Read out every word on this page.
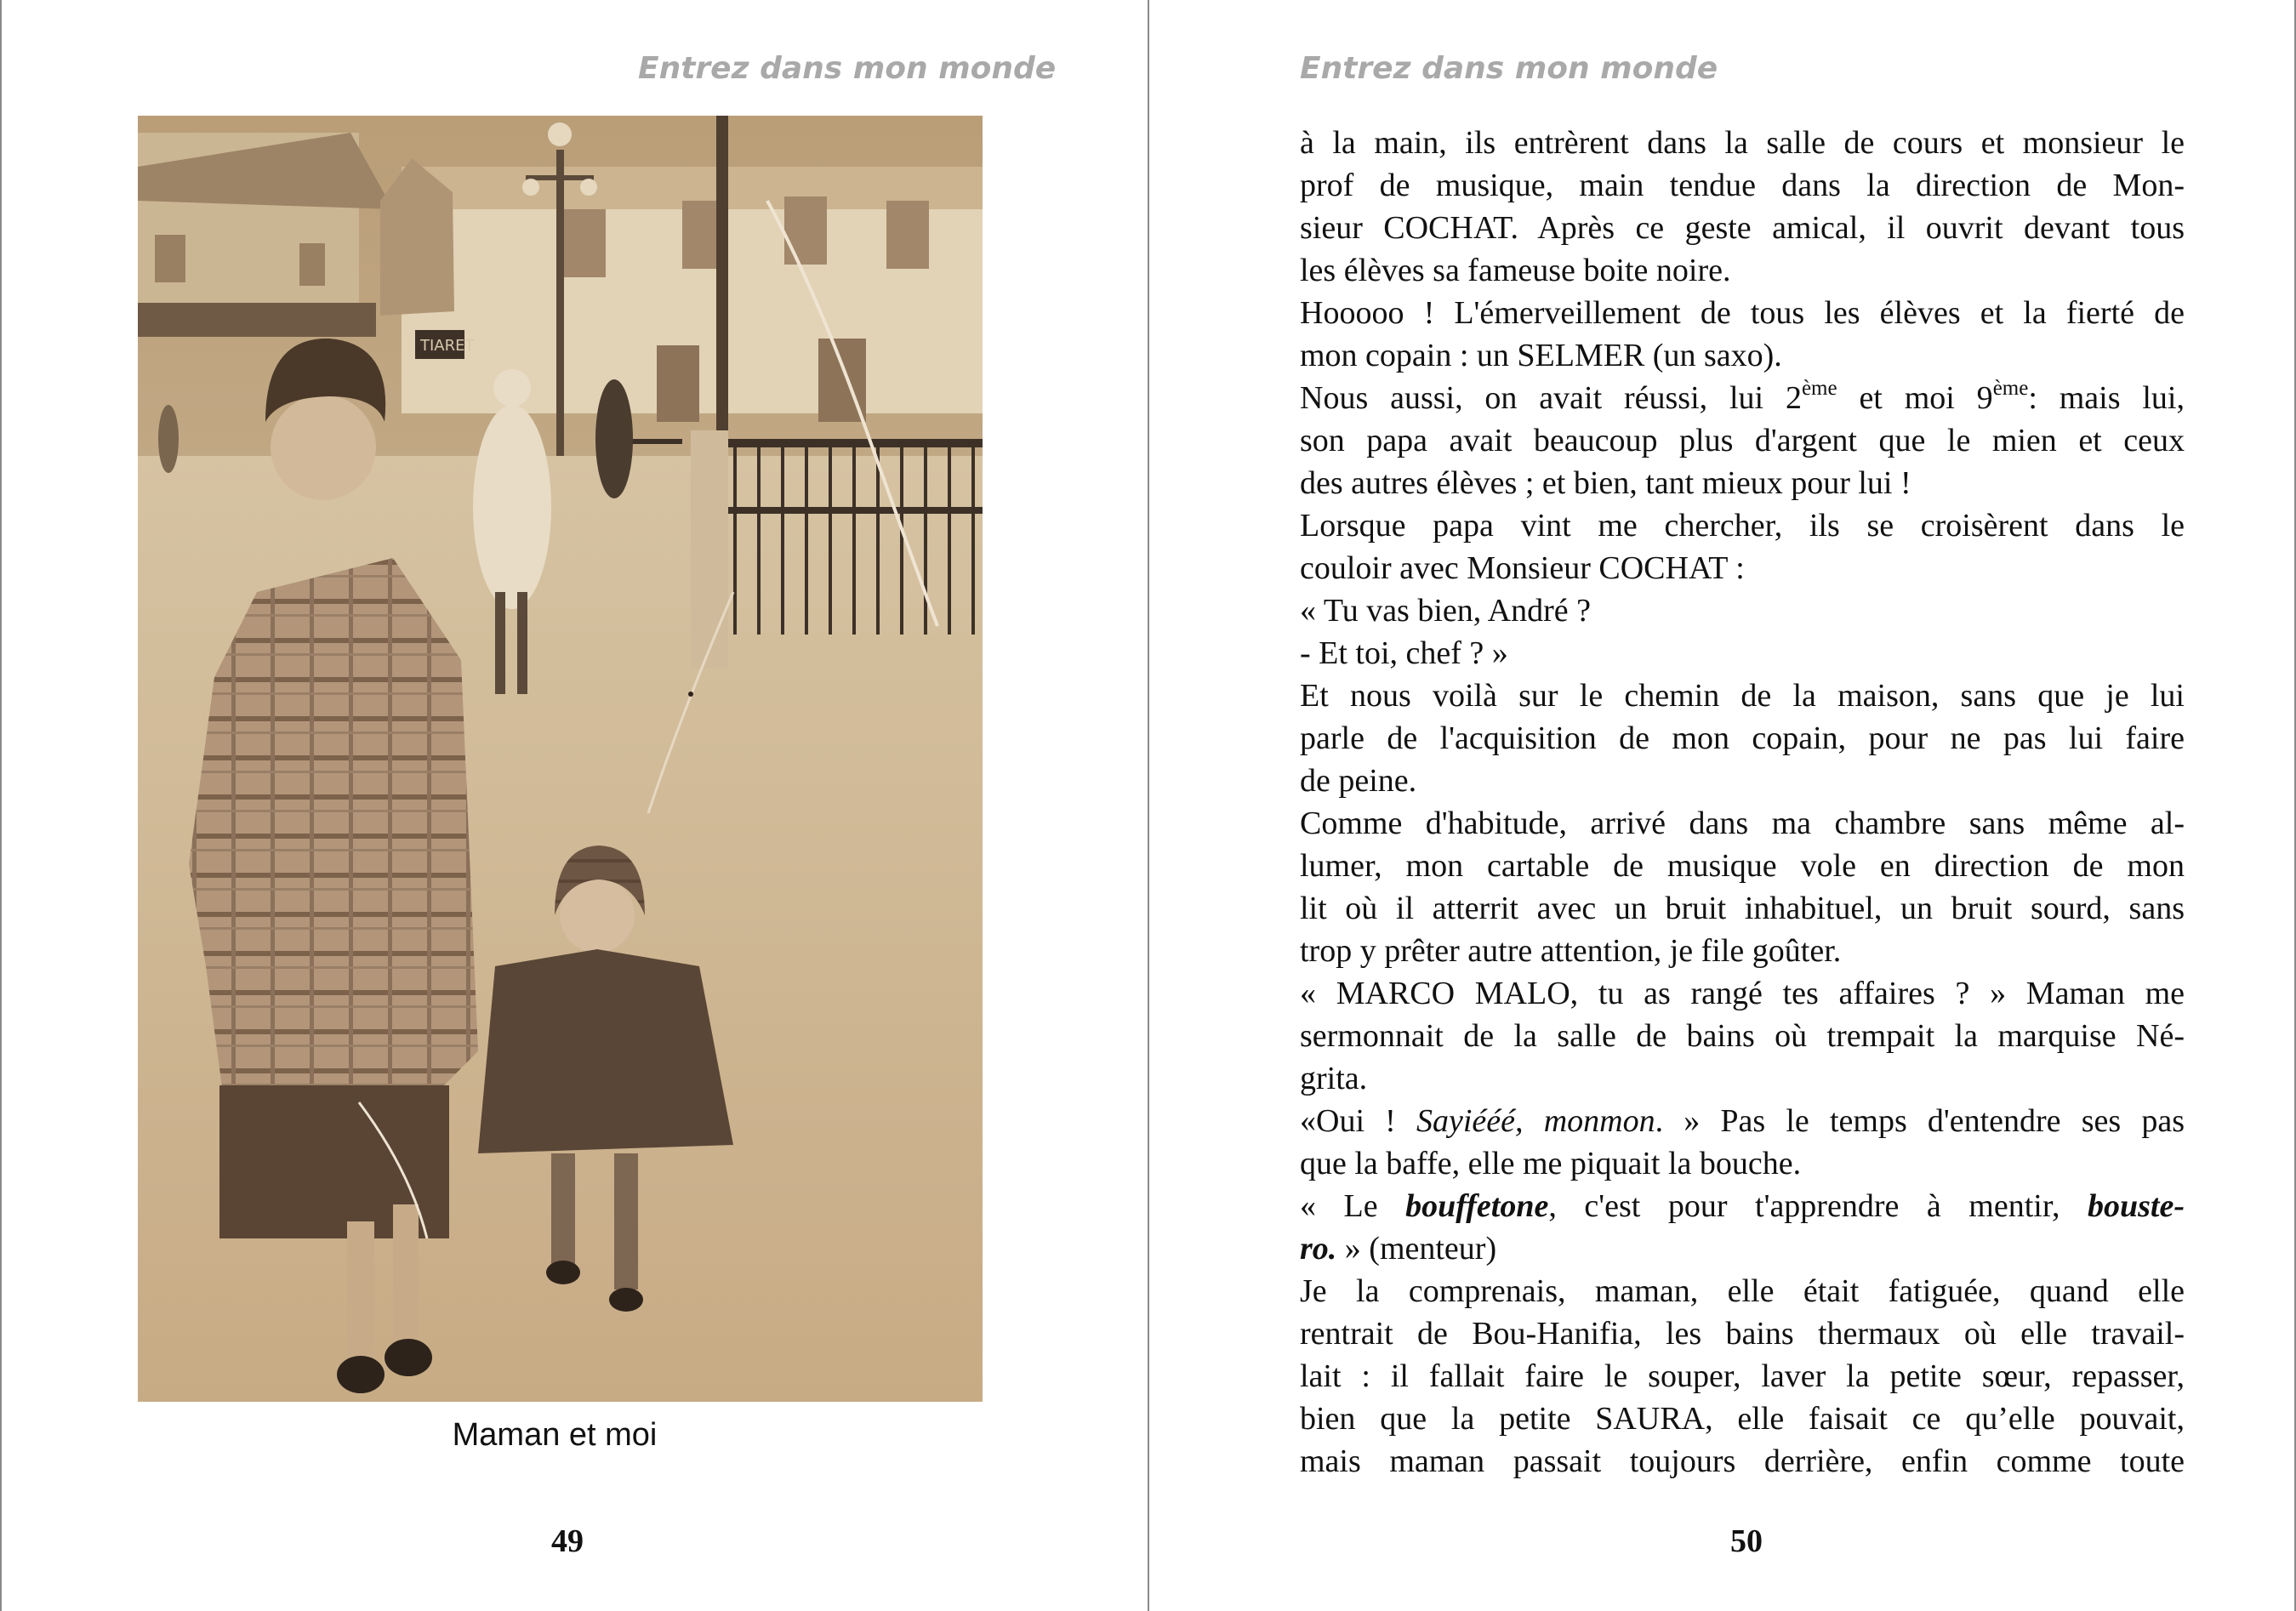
Entrez dans mon monde
TIARET
Maman et moi
49
Entrez dans mon monde
à la main, ils entrèrent dans la salle de cours et monsieur le
prof de musique, main tendue dans la direction de Mon-
sieur COCHAT. Après ce geste amical, il ouvrit devant tous
les élèves sa fameuse boite noire.
Hooooo ! L'émerveillement de tous les élèves et la fierté de
mon copain : un SELMER (un saxo).
Nous aussi, on avait réussi, lui 2ème et moi 9ème: mais lui,
son papa avait beaucoup plus d'argent que le mien et ceux
des autres élèves ; et bien, tant mieux pour lui !
Lorsque papa vint me chercher, ils se croisèrent dans le
couloir avec Monsieur COCHAT :
« Tu vas bien, André ?
- Et toi, chef ? »
Et nous voilà sur le chemin de la maison, sans que je lui
parle de l'acquisition de mon copain, pour ne pas lui faire
de peine.
Comme d'habitude, arrivé dans ma chambre sans même al-
lumer, mon cartable de musique vole en direction de mon
lit où il atterrit avec un bruit inhabituel, un bruit sourd, sans
trop y prêter autre attention, je file goûter.
« MARCO MALO, tu as rangé tes affaires ? » Maman me
sermonnait de la salle de bains où trempait la marquise Né-
grita.
«Oui ! Sayiééé, monmon. » Pas le temps d'entendre ses pas
que la baffe, elle me piquait la bouche.
« Le bouffetone, c'est pour t'apprendre à mentir, bouste-
ro. » (menteur)
Je la comprenais, maman, elle était fatiguée, quand elle
rentrait de Bou-Hanifia, les bains thermaux où elle travail-
lait : il fallait faire le souper, laver la petite sœur, repasser,
bien que la petite SAURA, elle faisait ce qu’elle pouvait,
mais maman passait toujours derrière, enfin comme toute
50
